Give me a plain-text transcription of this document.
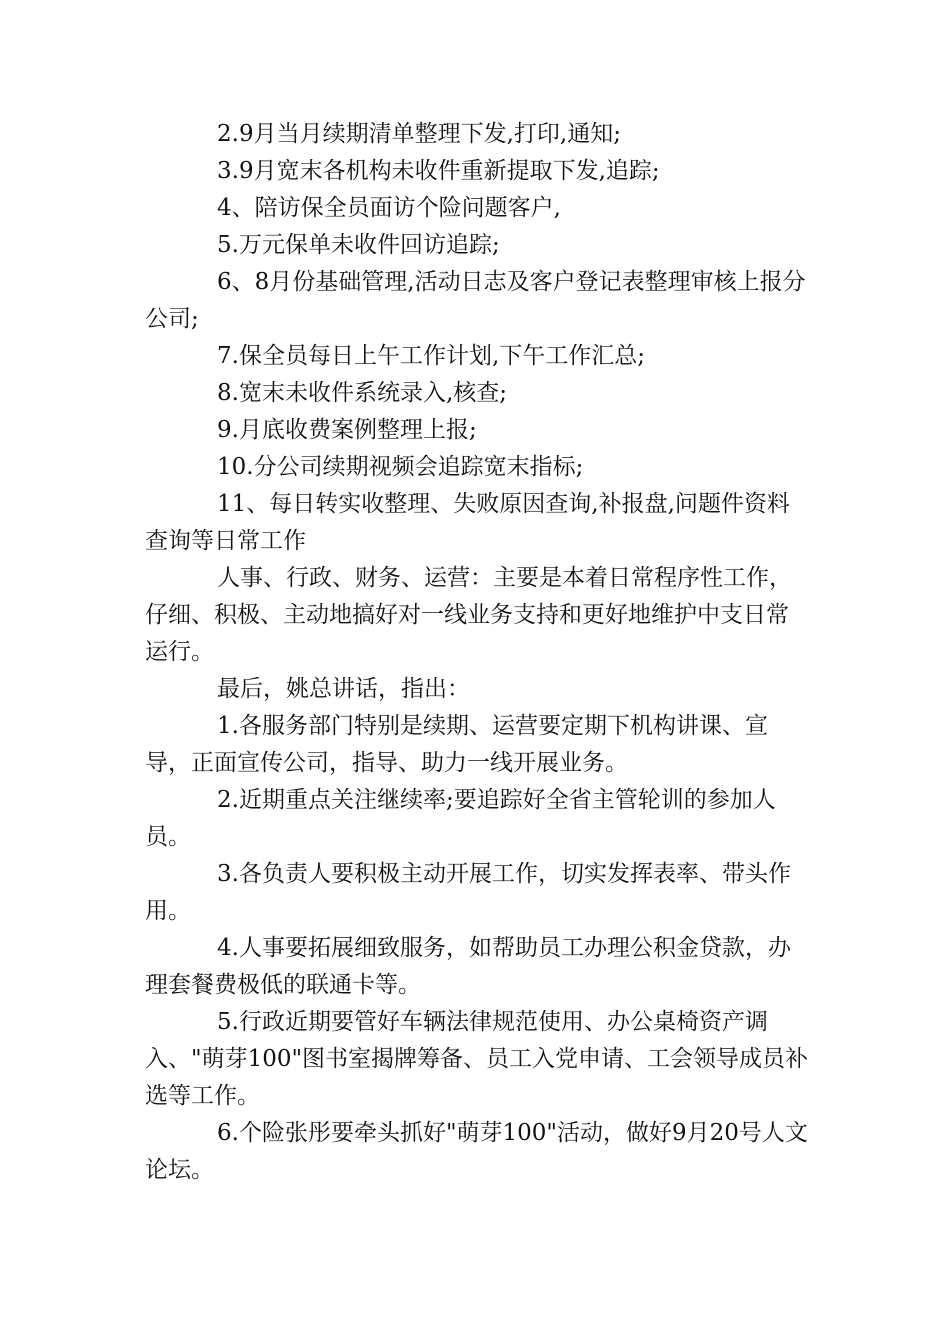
2.9月当月续期清单整理下发,打印,通知;

3.9月宽末各机构未收件重新提取下发,追踪;

4、陪访保全员面访个险问题客户,

5.万元保单未收件回访追踪;

6、8月份基础管理,活动日志及客户登记表整理审核上报分公司;

7.保全员每日上午工作计划,下午工作汇总;

8.宽末未收件系统录入,核查;

9.月底收费案例整理上报;

10.分公司续期视频会追踪宽末指标;

11、每日转实收整理、失败原因查询,补报盘,问题件资料查询等日常工作

人事、行政、财务、运营：主要是本着日常程序性工作，仔细、积极、主动地搞好对一线业务支持和更好地维护中支日常运行。

最后，姚总讲话，指出：

1.各服务部门特别是续期、运营要定期下机构讲课、宣导，正面宣传公司，指导、助力一线开展业务。

2.近期重点关注继续率;要追踪好全省主管轮训的参加人员。

3.各负责人要积极主动开展工作，切实发挥表率、带头作用。

4.人事要拓展细致服务，如帮助员工办理公积金贷款，办理套餐费极低的联通卡等。

5.行政近期要管好车辆法律规范使用、办公桌椅资产调入、"萌芽100"图书室揭牌筹备、员工入党申请、工会领导成员补选等工作。

6.个险张彤要牵头抓好"萌芽100"活动，做好9月20号人文论坛。
